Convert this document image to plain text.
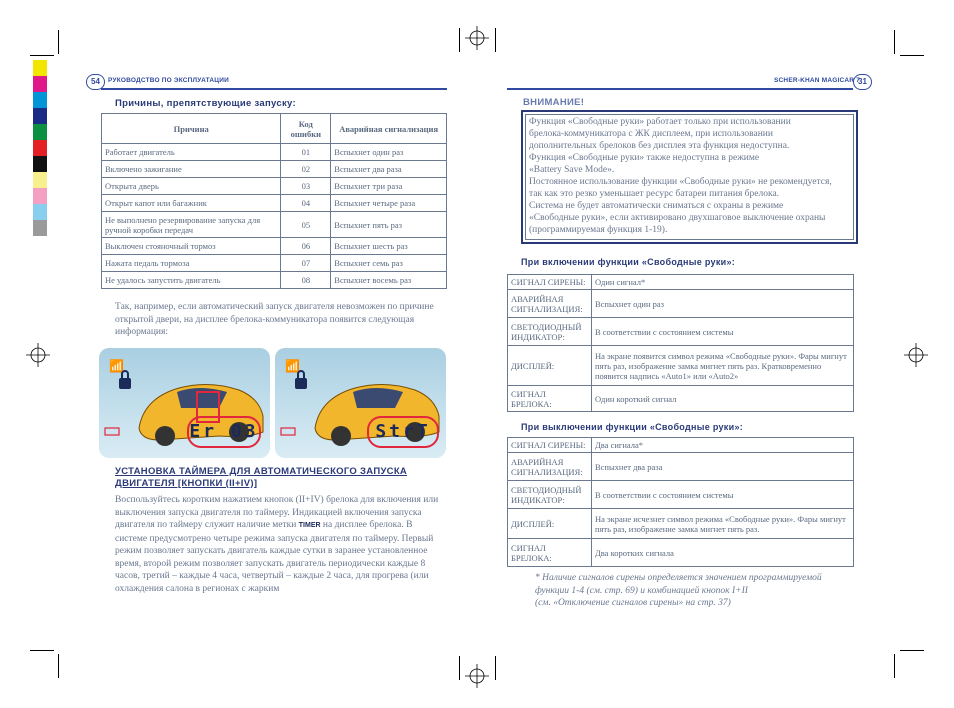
54	РУКОВОДСТВО ПО ЭКСПЛУАТАЦИИ
Причины, препятствующие запуску:
Причина	Код ошибки	Аварийная сигнализация
Работает двигатель	01	Вспыхнет один раз
Включено зажигание	02	Вспыхнет два раза
Открыта дверь	03	Вспыхнет три раза
Открыт капот или багажник	04	Вспыхнет четыре раза
Не выполнено резервирование запуска для ручной коробки передач	05	Вспыхнет пять раз
Выключен стояночный тормоз	06	Вспыхнет шесть раз
Нажата педаль тормоза	07	Вспыхнет семь раз
Не удалось запустить двигатель	08	Вспыхнет восемь раз
Так, например, если автоматический запуск двигателя невозможен по причине открытой двери, на дисплее брелока-коммуникатора появится следующая информация:
📶
Er 03
📶
StrT
УСТАНОВКА ТАЙМЕРА ДЛЯ АВТОМАТИЧЕСКОГО ЗАПУСКА
ДВИГАТЕЛЯ [КНОПКИ (II+IV)]
Воспользуйтесь коротким нажатием кнопок (II+IV) брелока для включения или выключения запуска двигателя по таймеру. Индикацией включения запуска двигателя по таймеру служит наличие метки TIMER на дисплее брелока. В системе предусмотрено четыре режима запуска двигателя по таймеру. Первый режим позволяет запускать двигатель каждые сутки в заранее установленное время, второй режим позволяет запускать двигатель периодически каждые 8 часов, третий – каждые 4 часа, четвертый – каждые 2 часа, для прогрева (или охлаждения салона в регионах с жарким
SCHER-KHAN MAGICAR 7
31
ВНИМАНИЕ!
Функция «Свободные руки» работает только при использовании
брелока-коммуникатора с ЖК дисплеем, при использовании
дополнительных брелоков без дисплея эта функция недоступна.
Функция «Свободные руки» также недоступна в режиме
«Battery Save Mode».
Постоянное использование функции «Свободные руки» не рекомендуется,
так как это резко уменьшает ресурс батареи питания брелока.
Система не будет автоматически сниматься с охраны в режиме
«Свободные руки», если активировано двухшаговое выключение охраны
(программируемая функция 1-19).
При включении функции «Свободные руки»:
СИГНАЛ СИРЕНЫ:	Один сигнал*
АВАРИЙНАЯ СИГНАЛИЗАЦИЯ:	Вспыхнет один раз
СВЕТОДИОДНЫЙ ИНДИКАТОР:	В соответствии с состоянием системы
ДИСПЛЕЙ:	На экране появится символ режима «Свободные руки». Фары мигнут пять раз, изображение замка мигнет пять раз. Кратковременно появится надпись «Auto1» или «Auto2»
СИГНАЛ БРЕЛОКА:	Один короткий сигнал
При выключении функции «Свободные руки»:
СИГНАЛ СИРЕНЫ:	Два сигнала*
АВАРИЙНАЯ СИГНАЛИЗАЦИЯ:	Вспыхнет два раза
СВЕТОДИОДНЫЙ ИНДИКАТОР:	В соответствии с состоянием системы
ДИСПЛЕЙ:	На экране исчезнет символ режима «Свободные руки». Фары мигнут пять раз, изображение замка мигнет пять раз.
СИГНАЛ БРЕЛОКА:	Два коротких сигнала
* Наличие сигналов сирены определяется значением программируемой
функции 1-4 (см. стр. 69) и комбинацией кнопок I+II
(см. «Отключение сигналов сирены» на стр. 37)
